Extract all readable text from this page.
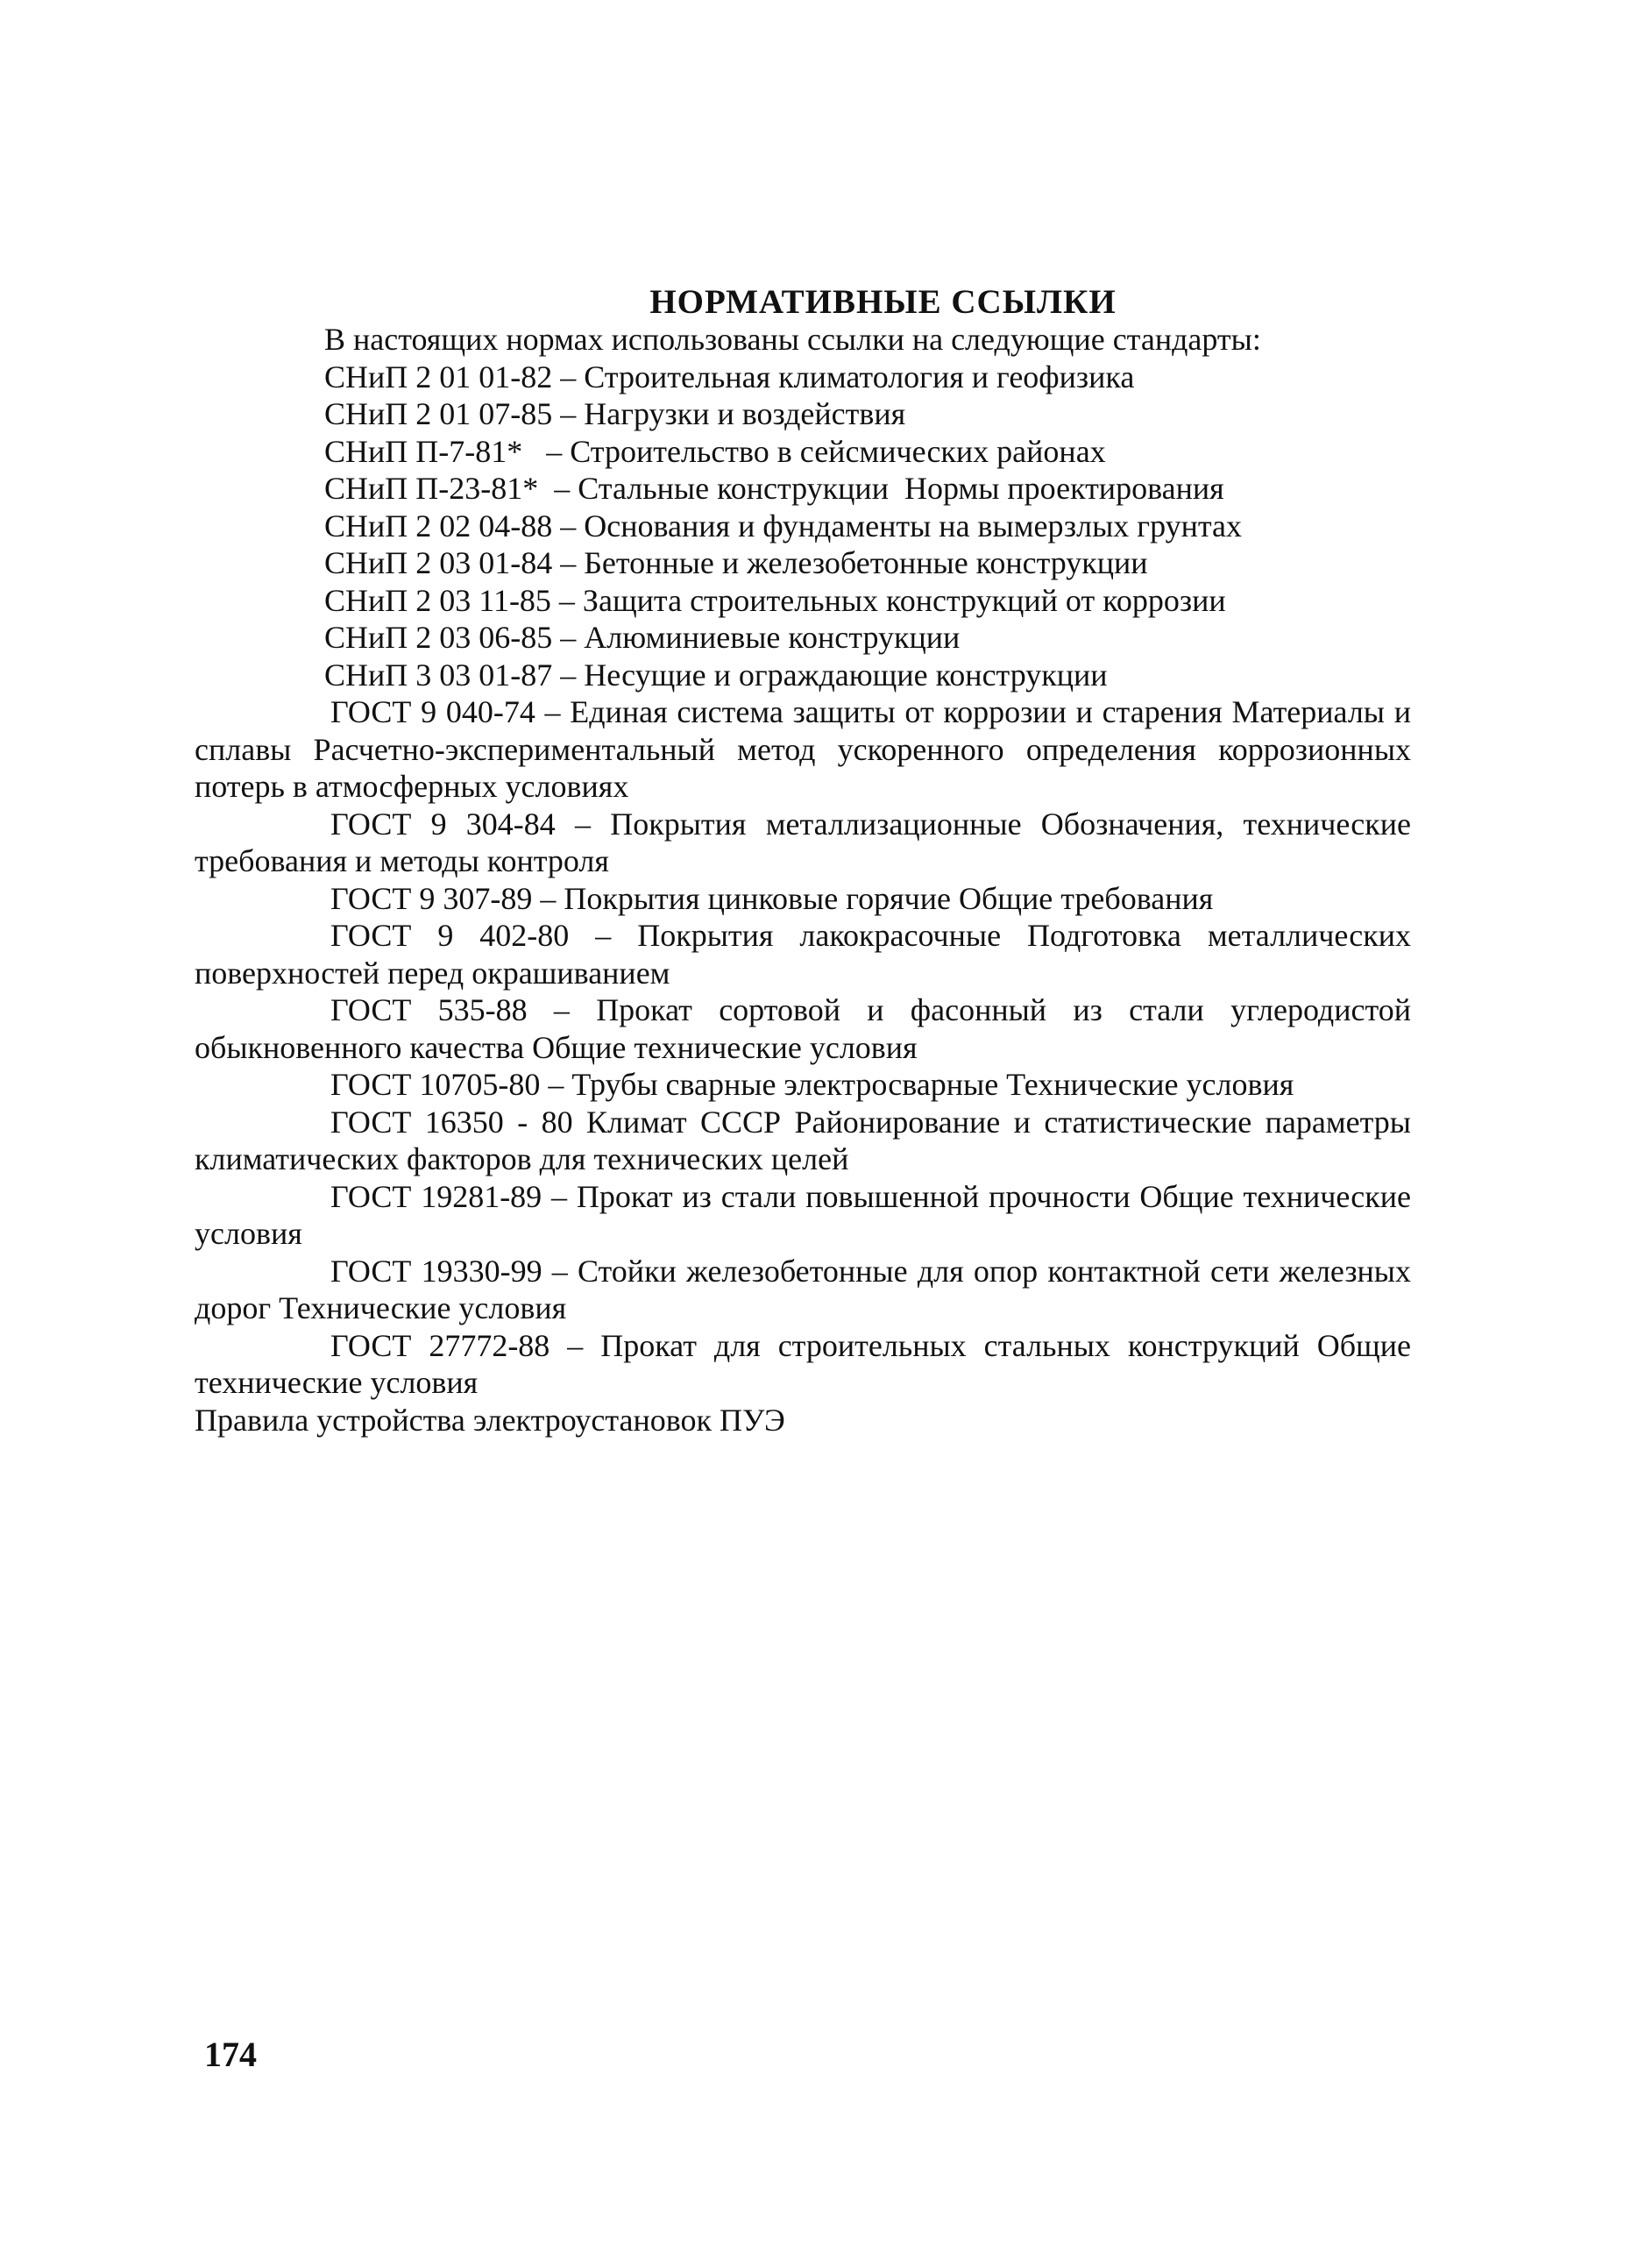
НОРМАТИВНЫЕ ССЫЛКИ

В настоящих нормах использованы ссылки на следующие стандарты:

СНиП 2 01 01-82 – Строительная климатология и геофизика

СНиП 2 01 07-85 – Нагрузки и воздействия

СНиП П-7-81*   – Строительство в сейсмических районах

СНиП П-23-81*  – Стальные конструкции  Нормы проектирования

СНиП 2 02 04-88 – Основания и фундаменты на вымерзлых грунтах

СНиП 2 03 01-84 – Бетонные и железобетонные конструкции

СНиП 2 03 11-85 – Защита строительных конструкций от коррозии

СНиП 2 03 06-85 – Алюминиевые конструкции

СНиП 3 03 01-87 – Несущие и ограждающие конструкции

ГОСТ 9 040-74 – Единая система защиты от коррозии и старения Материалы и сплавы Расчетно-экспериментальный метод ускоренного определения коррозионных потерь в атмосферных условиях

ГОСТ 9 304-84 – Покрытия металлизационные Обозначения, технические требования и методы контроля

ГОСТ 9 307-89 – Покрытия цинковые горячие Общие требования

ГОСТ 9 402-80 – Покрытия лакокрасочные Подготовка металлических поверхностей перед окрашиванием

ГОСТ 535-88 – Прокат сортовой и фасонный из стали углеродистой обыкновенного качества Общие технические условия

ГОСТ 10705-80 – Трубы сварные электросварные Технические условия

ГОСТ 16350 - 80 Климат СССР Районирование и статистические параметры климатических факторов для технических целей

ГОСТ 19281-89 – Прокат из стали повышенной прочности Общие технические условия

ГОСТ 19330-99 – Стойки железобетонные для опор контактной сети железных дорог Технические условия

ГОСТ 27772-88 – Прокат для строительных стальных конструкций Общие технические условия

Правила устройства электроустановок ПУЭ

174
